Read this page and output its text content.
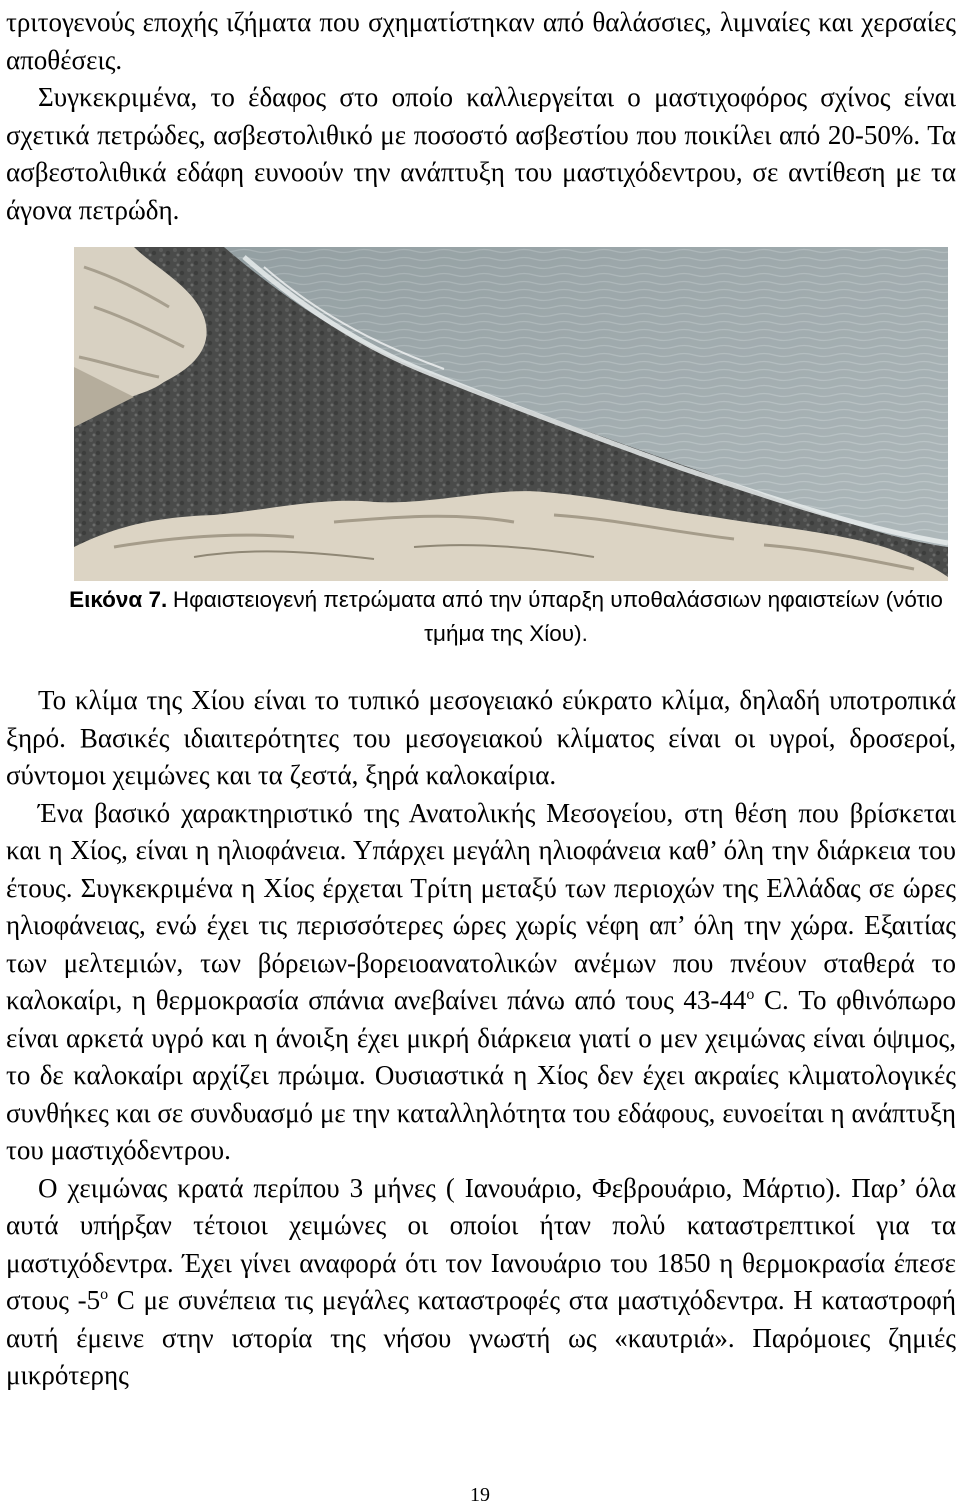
τριτογενούς εποχής ιζήματα που σχηματίστηκαν από θαλάσσιες, λιμναίες και χερσαίες αποθέσεις.

Συγκεκριμένα, το έδαφος στο οποίο καλλιεργείται ο μαστιχοφόρος σχίνος είναι σχετικά πετρώδες, ασβεστολιθικό με ποσοστό ασβεστίου που ποικίλει από 20-50%. Τα ασβεστολιθικά εδάφη ευνοούν την ανάπτυξη του μαστιχόδεντρου, σε αντίθεση με τα άγονα πετρώδη.

Εικόνα 7. Ηφαιστειογενή πετρώματα από την ύπαρξη υποθαλάσσιων ηφαιστείων (νότιο τμήμα της Χίου).

Το κλίμα της Χίου είναι το τυπικό μεσογειακό εύκρατο κλίμα, δηλαδή υποτροπικά ξηρό. Βασικές ιδιαιτερότητες του μεσογειακού κλίματος είναι οι υγροί, δροσεροί, σύντομοι χειμώνες και τα ζεστά, ξηρά καλοκαίρια.

Ένα βασικό χαρακτηριστικό της Ανατολικής Μεσογείου, στη θέση που βρίσκεται και η Χίος, είναι η ηλιοφάνεια. Υπάρχει μεγάλη ηλιοφάνεια καθ’ όλη την διάρκεια του έτους. Συγκεκριμένα η Χίος έρχεται Τρίτη μεταξύ των περιοχών της Ελλάδας σε ώρες ηλιοφάνειας, ενώ έχει τις περισσότερες ώρες χωρίς νέφη απ’ όλη την χώρα. Εξαιτίας των μελτεμιών, των βόρειων-βορειοανατολικών ανέμων που πνέουν σταθερά το καλοκαίρι, η θερμοκρασία σπάνια ανεβαίνει πάνω από τους $43-44^o$ C. Το φθινόπωρο είναι αρκετά υγρό και η άνοιξη έχει μικρή διάρκεια γιατί ο μεν χειμώνας είναι όψιμος, το δε καλοκαίρι αρχίζει πρώιμα. Ουσιαστικά η Χίος δεν έχει ακραίες κλιματολογικές συνθήκες και σε συνδυασμό με την καταλληλότητα του εδάφους, ευνοείται η ανάπτυξη του μαστιχόδεντρου.

Ο χειμώνας κρατά περίπου 3 μήνες ( Ιανουάριο, Φεβρουάριο, Μάρτιο). Παρ’ όλα αυτά υπήρξαν τέτοιοι χειμώνες οι οποίοι ήταν πολύ καταστρεπτικοί για τα μαστιχόδεντρα. Έχει γίνει αναφορά ότι τον Ιανουάριο του 1850 η θερμοκρασία έπεσε στους $-5^o$ C με συνέπεια τις μεγάλες καταστροφές στα μαστιχόδεντρα. Η καταστροφή αυτή έμεινε στην ιστορία της νήσου γνωστή ως «καυτριά». Παρόμοιες ζημιές μικρότερης

19
